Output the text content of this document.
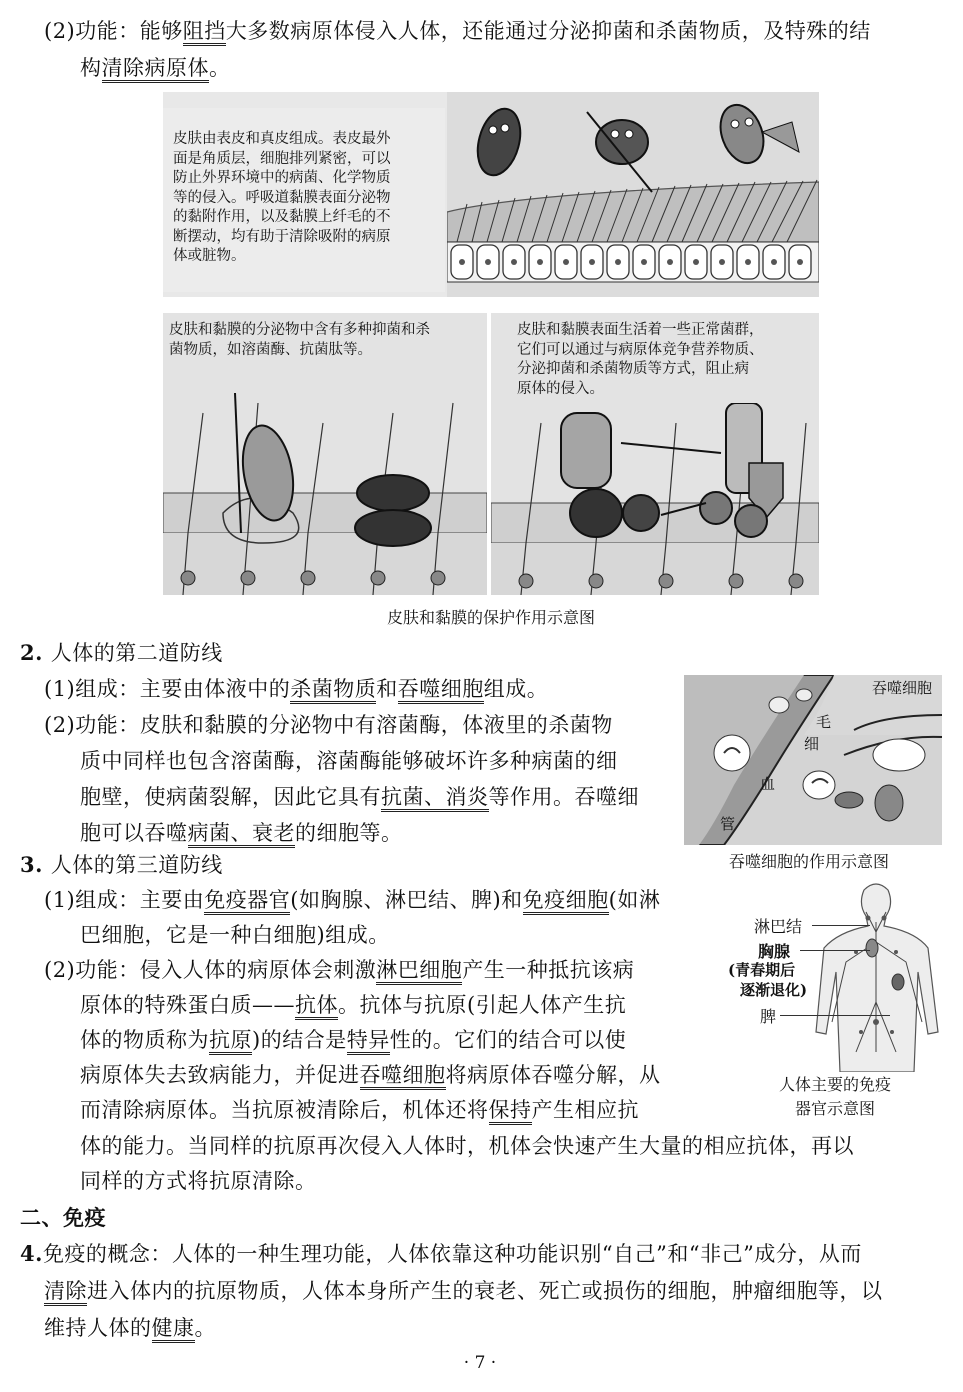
(2)功能：能够阻挡大多数病原体侵入人体，还能通过分泌抑菌和杀菌物质，及特殊的结
构清除病原体。
皮肤由表皮和真皮组成。表皮最外
面是角质层，细胞排列紧密，可以
防止外界环境中的病菌、化学物质
等的侵入。呼吸道黏膜表面分泌物
的黏附作用，以及黏膜上纤毛的不
断摆动，均有助于清除吸附的病原
体或脏物。
皮肤和黏膜的分泌物中含有多种抑菌和杀
菌物质，如溶菌酶、抗菌肽等。
皮肤和黏膜表面生活着一些正常菌群，
它们可以通过与病原体竞争营养物质、
分泌抑菌和杀菌物质等方式，阻止病
原体的侵入。
皮肤和黏膜的保护作用示意图
2. 人体的第二道防线
(1)组成：主要由体液中的杀菌物质和吞噬细胞组成。
(2)功能：皮肤和黏膜的分泌物中有溶菌酶，体液里的杀菌物
质中同样也包含溶菌酶，溶菌酶能够破坏许多种病菌的细
胞壁，使病菌裂解，因此它具有抗菌、消炎等作用。吞噬细
胞可以吞噬病菌、衰老的细胞等。
吞噬细胞
毛
细
血
管
吞噬细胞的作用示意图
3. 人体的第三道防线
(1)组成：主要由免疫器官(如胸腺、淋巴结、脾)和免疫细胞(如淋
巴细胞，它是一种白细胞)组成。
(2)功能：侵入人体的病原体会刺激淋巴细胞产生一种抵抗该病
原体的特殊蛋白质——抗体。抗体与抗原(引起人体产生抗
体的物质称为抗原)的结合是特异性的。它们的结合可以使
病原体失去致病能力，并促进吞噬细胞将病原体吞噬分解，从
而清除病原体。当抗原被清除后，机体还将保持产生相应抗
体的能力。当同样的抗原再次侵入人体时，机体会快速产生大量的相应抗体，再以
同样的方式将抗原清除。
淋巴结
胸腺
(青春期后
逐渐退化)
脾
人体主要的免疫
器官示意图
二、免疫
4.免疫的概念：人体的一种生理功能，人体依靠这种功能识别“自己”和“非己”成分，从而
清除进入体内的抗原物质，人体本身所产生的衰老、死亡或损伤的细胞，肿瘤细胞等，以
维持人体的健康。
· 7 ·
